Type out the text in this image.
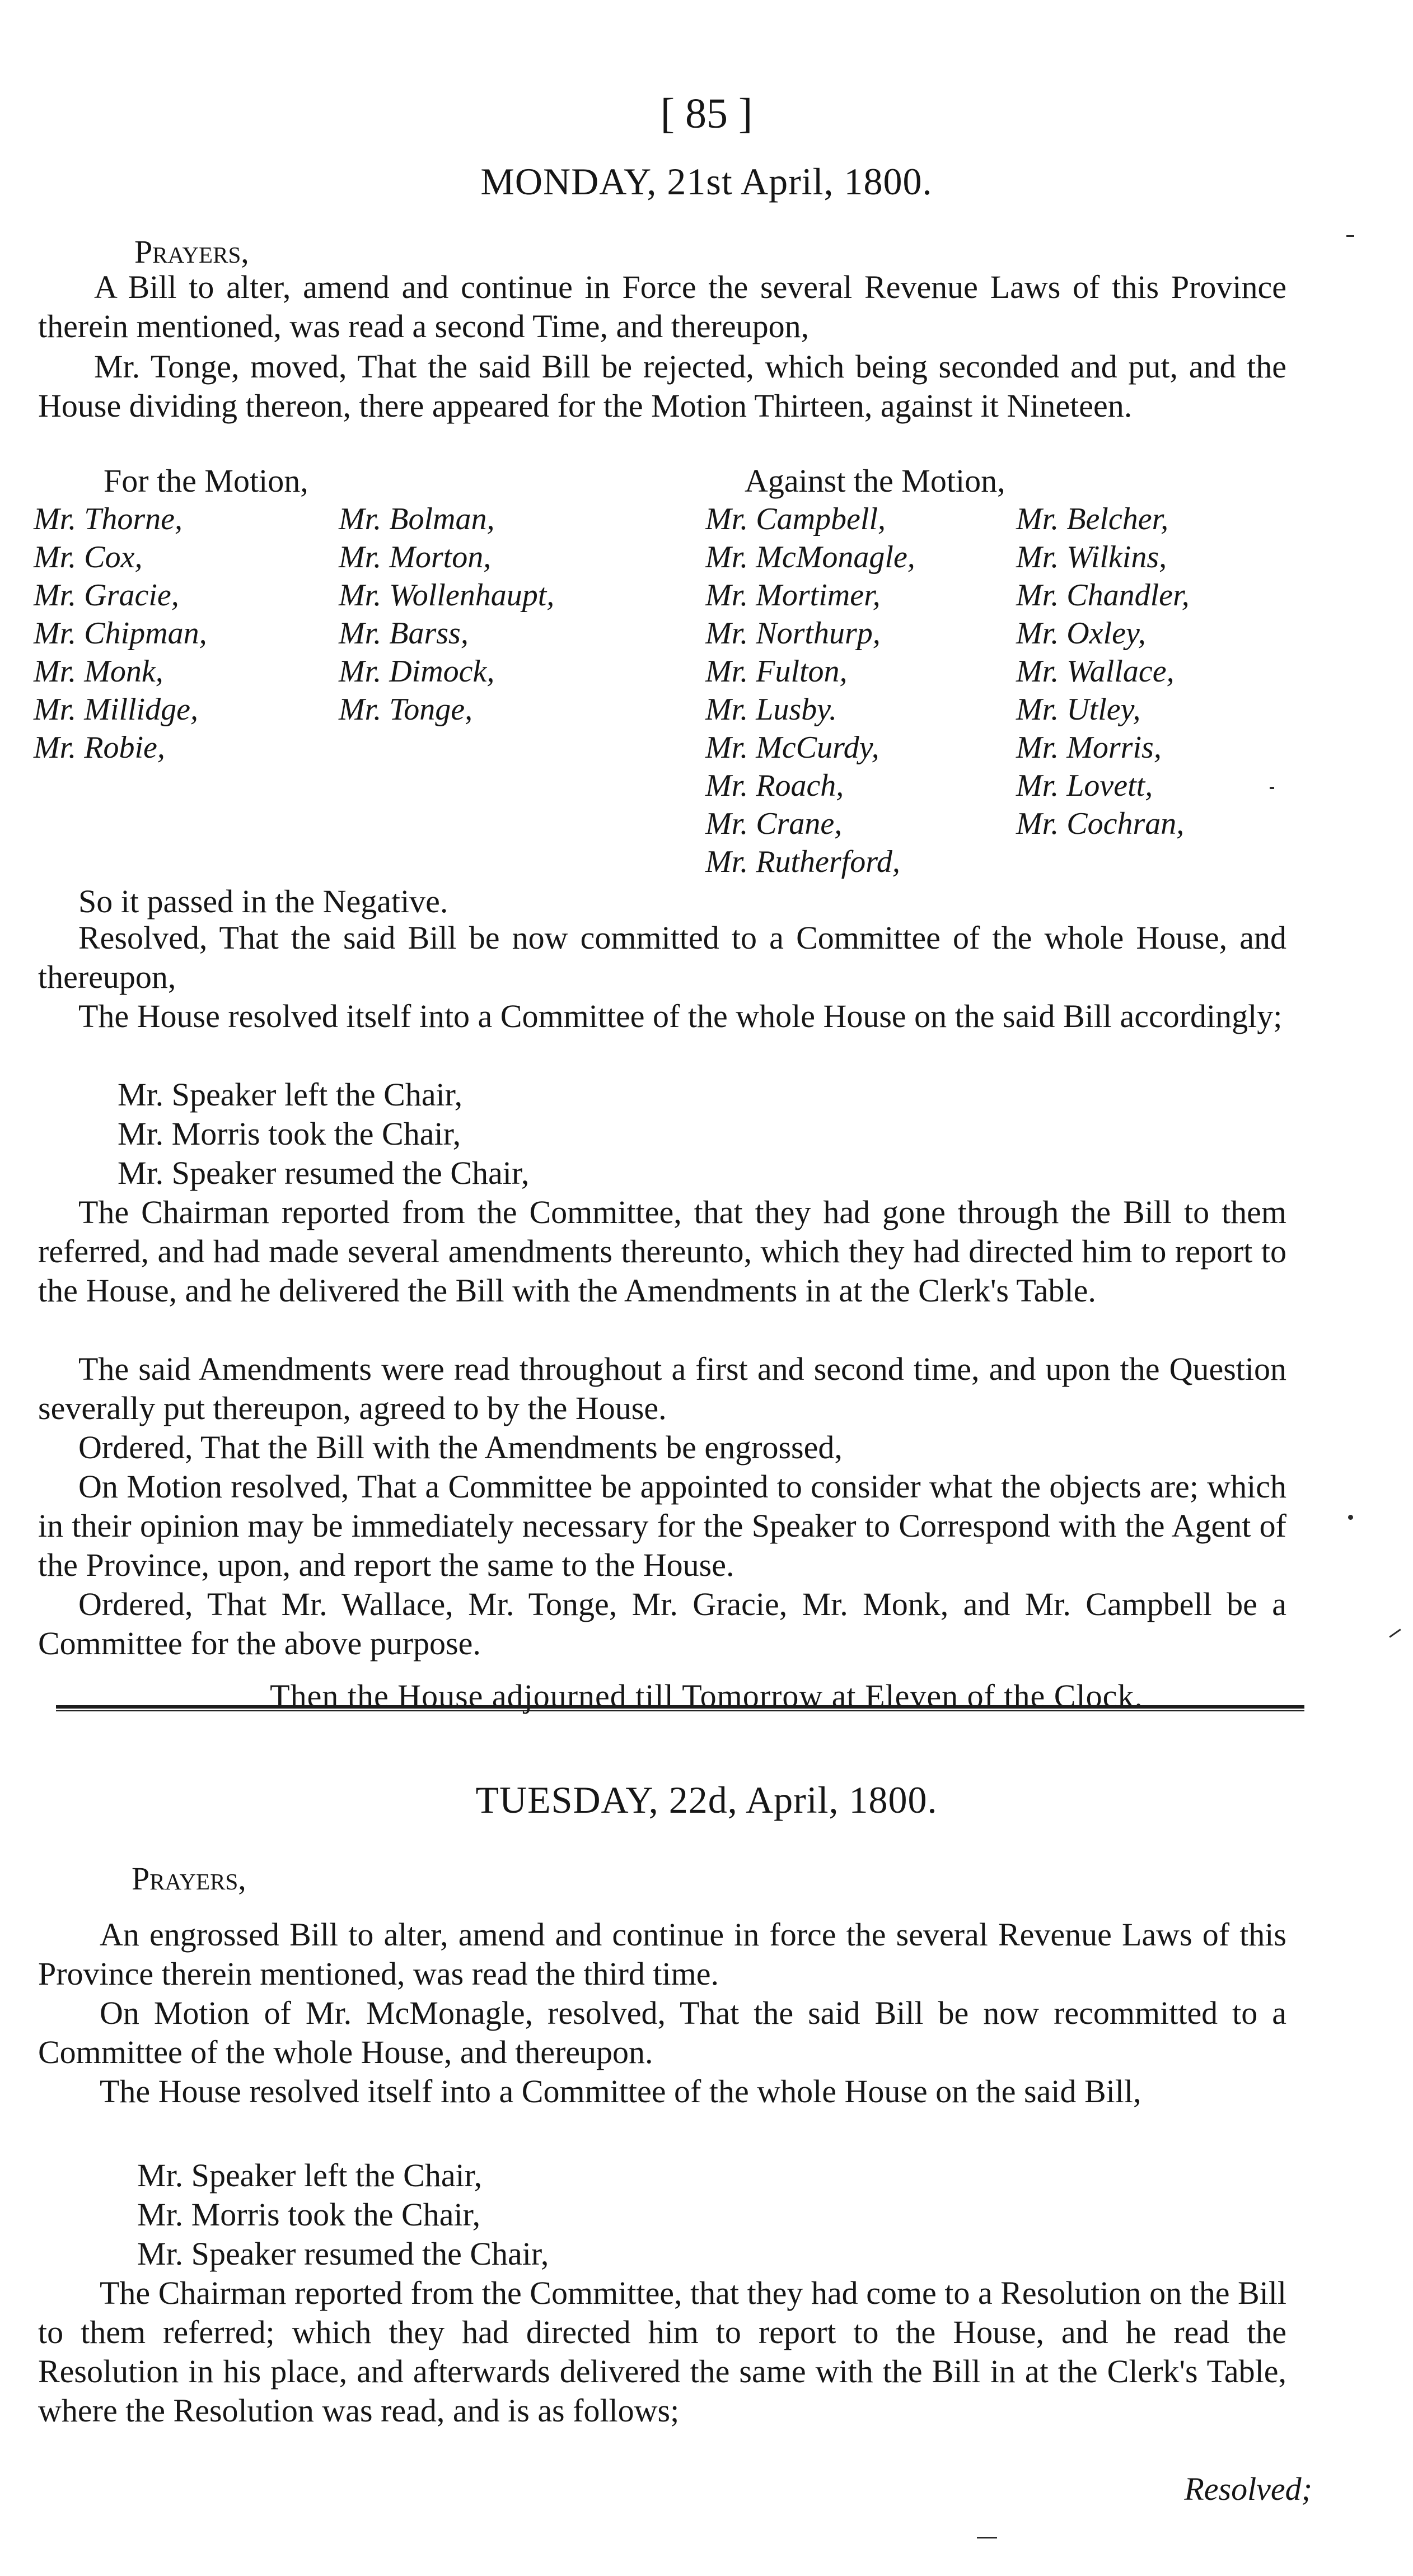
[ 85 ]
MONDAY, 21st April, 1800.
Prayers,
A Bill to alter, amend and continue in Force the several Revenue Laws of this Province therein mentioned, was read a second Time, and thereupon,
Mr. Tonge, moved, That the said Bill be rejected, which being seconded and put, and the House dividing thereon, there appeared for the Motion Thirteen, against it Nineteen.
For the Motion,	Against the Motion,
Mr. Thorne,
Mr. Cox,
Mr. Gracie,
Mr. Chipman,
Mr. Monk,
Mr. Millidge,
Mr. Robie,
Mr. Bolman,
Mr. Morton,
Mr. Wollenhaupt,
Mr. Barss,
Mr. Dimock,
Mr. Tonge,
Mr. Campbell,
Mr. McMonagle,
Mr. Mortimer,
Mr. Northurp,
Mr. Fulton,
Mr. Lusby.
Mr. McCurdy,
Mr. Roach,
Mr. Crane,
Mr. Rutherford,
Mr. Belcher,
Mr. Wilkins,
Mr. Chandler,
Mr. Oxley,
Mr. Wallace,
Mr. Utley,
Mr. Morris,
Mr. Lovett,
Mr. Cochran,
So it passed in the Negative.
Resolved, That the said Bill be now committed to a Committee of the whole House, and thereupon,
The House resolved itself into a Committee of the whole House on the said Bill accordingly;
Mr. Speaker left the Chair,
Mr. Morris took the Chair,
Mr. Speaker resumed the Chair,
The Chairman reported from the Committee, that they had gone through the Bill to them referred, and had made several amendments thereunto, which they had directed him to report to the House, and he delivered the Bill with the Amendments in at the Clerk's Table.
The said Amendments were read throughout a first and second time, and upon the Question severally put thereupon, agreed to by the House.
Ordered, That the Bill with the Amendments be engrossed,
On Motion resolved, That a Committee be appointed to consider what the objects are; which in their opinion may be immediately necessary for the Speaker to Correspond with the Agent of the Province, upon, and report the same to the House.
Ordered, That Mr. Wallace, Mr. Tonge, Mr. Gracie, Mr. Monk, and Mr. Campbell be a Committee for the above purpose.
Then the House adjourned till Tomorrow at Eleven of the Clock.
TUESDAY, 22d, April, 1800.
Prayers,
An engrossed Bill to alter, amend and continue in force the several Revenue Laws of this Province therein mentioned, was read the third time.
On Motion of Mr. McMonagle, resolved, That the said Bill be now recommitted to a Committee of the whole House, and thereupon.
The House resolved itself into a Committee of the whole House on the said Bill,
Mr. Speaker left the Chair,
Mr. Morris took the Chair,
Mr. Speaker resumed the Chair,
The Chairman reported from the Committee, that they had come to a Resolution on the Bill to them referred; which they had directed him to report to the House, and he read the Resolution in his place, and afterwards delivered the same with the Bill in at the Clerk's Table, where the Resolution was read, and is as follows;
Resolved;
